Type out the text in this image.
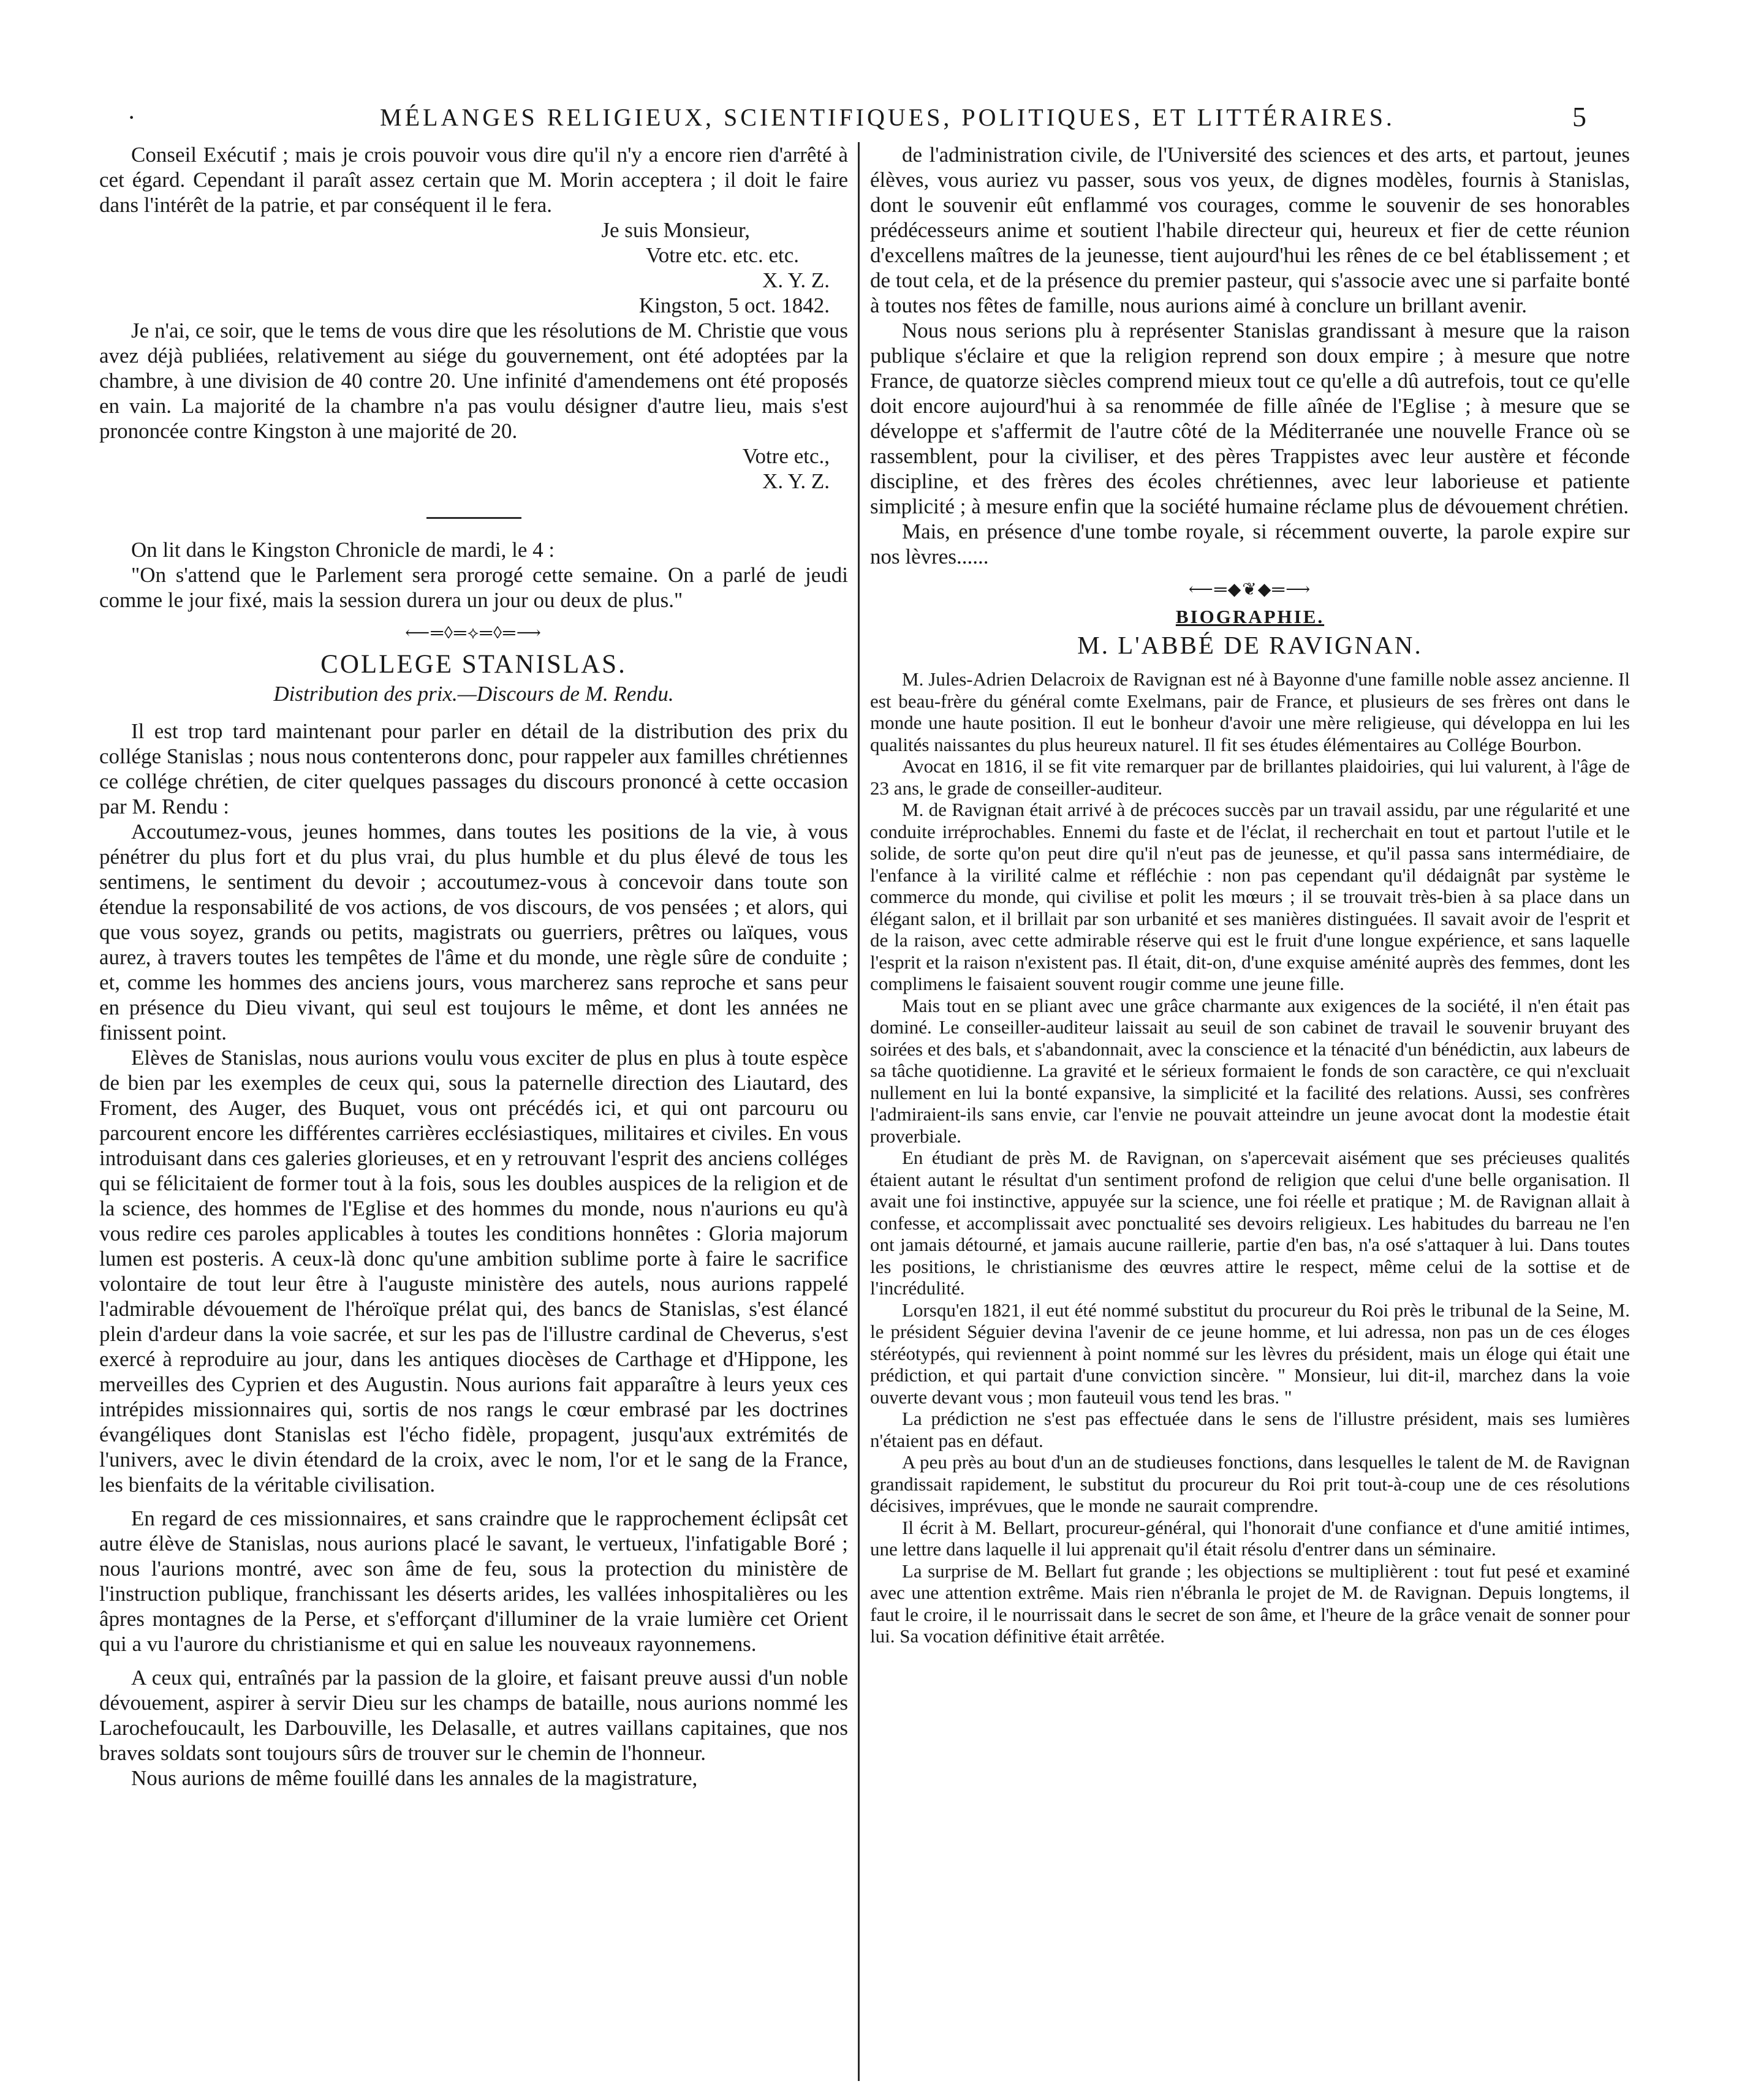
·	MÉLANGES RELIGIEUX, SCIENTIFIQUES, POLITIQUES, ET LITTÉRAIRES.	5

Conseil Exécutif ; mais je crois pouvoir vous dire qu'il n'y a encore rien d'arrêté à cet égard. Cependant il paraît assez certain que M. Morin acceptera ; il doit le faire dans l'intérêt de la patrie, et par conséquent il le fera.

Je suis Monsieur,
Votre etc. etc. etc.
X. Y. Z.
Kingston, 5 oct. 1842.

Je n'ai, ce soir, que le tems de vous dire que les résolutions de M. Christie que vous avez déjà publiées, relativement au siége du gouvernement, ont été adoptées par la chambre, à une division de 40 contre 20. Une infinité d'amendemens ont été proposés en vain. La majorité de la chambre n'a pas voulu désigner d'autre lieu, mais s'est prononcée contre Kingston à une majorité de 20.

Votre etc.,
X. Y. Z.

On lit dans le Kingston Chronicle de mardi, le 4 :

"On s'attend que le Parlement sera prorogé cette semaine. On a parlé de jeudi comme le jour fixé, mais la session durera un jour ou deux de plus."

⟵═◊═⟡═◊═⟶
COLLEGE STANISLAS.
Distribution des prix.—Discours de M. Rendu.

Il est trop tard maintenant pour parler en détail de la distribution des prix du collége Stanislas ; nous nous contenterons donc, pour rappeler aux familles chrétiennes ce collége chrétien, de citer quelques passages du discours prononcé à cette occasion par M. Rendu :

Accoutumez-vous, jeunes hommes, dans toutes les positions de la vie, à vous pénétrer du plus fort et du plus vrai, du plus humble et du plus élevé de tous les sentimens, le sentiment du devoir ; accoutumez-vous à concevoir dans toute son étendue la responsabilité de vos actions, de vos discours, de vos pensées ; et alors, qui que vous soyez, grands ou petits, magistrats ou guerriers, prêtres ou laïques, vous aurez, à travers toutes les tempêtes de l'âme et du monde, une règle sûre de conduite ; et, comme les hommes des anciens jours, vous marcherez sans reproche et sans peur en présence du Dieu vivant, qui seul est toujours le même, et dont les années ne finissent point.

Elèves de Stanislas, nous aurions voulu vous exciter de plus en plus à toute espèce de bien par les exemples de ceux qui, sous la paternelle direction des Liautard, des Froment, des Auger, des Buquet, vous ont précédés ici, et qui ont parcouru ou parcourent encore les différentes carrières ecclésiastiques, militaires et civiles. En vous introduisant dans ces galeries glorieuses, et en y retrouvant l'esprit des anciens colléges qui se félicitaient de former tout à la fois, sous les doubles auspices de la religion et de la science, des hommes de l'Eglise et des hommes du monde, nous n'aurions eu qu'à vous redire ces paroles applicables à toutes les conditions honnêtes : Gloria majorum lumen est posteris. A ceux-là donc qu'une ambition sublime porte à faire le sacrifice volontaire de tout leur être à l'auguste ministère des autels, nous aurions rappelé l'admirable dévouement de l'héroïque prélat qui, des bancs de Stanislas, s'est élancé plein d'ardeur dans la voie sacrée, et sur les pas de l'illustre cardinal de Cheverus, s'est exercé à reproduire au jour, dans les antiques diocèses de Carthage et d'Hippone, les merveilles des Cyprien et des Augustin. Nous aurions fait apparaître à leurs yeux ces intrépides missionnaires qui, sortis de nos rangs le cœur embrasé par les doctrines évangéliques dont Stanislas est l'écho fidèle, propagent, jusqu'aux extrémités de l'univers, avec le divin étendard de la croix, avec le nom, l'or et le sang de la France, les bienfaits de la véritable civilisation.

En regard de ces missionnaires, et sans craindre que le rapprochement éclipsât cet autre élève de Stanislas, nous aurions placé le savant, le vertueux, l'infatigable Boré ; nous l'aurions montré, avec son âme de feu, sous la protection du ministère de l'instruction publique, franchissant les déserts arides, les vallées inhospitalières ou les âpres montagnes de la Perse, et s'efforçant d'illuminer de la vraie lumière cet Orient qui a vu l'aurore du christianisme et qui en salue les nouveaux rayonnemens.

A ceux qui, entraînés par la passion de la gloire, et faisant preuve aussi d'un noble dévouement, aspirer à servir Dieu sur les champs de bataille, nous aurions nommé les Larochefoucault, les Darbouville, les Delasalle, et autres vaillans capitaines, que nos braves soldats sont toujours sûrs de trouver sur le chemin de l'honneur.

Nous aurions de même fouillé dans les annales de la magistrature,

de l'administration civile, de l'Université des sciences et des arts, et partout, jeunes élèves, vous auriez vu passer, sous vos yeux, de dignes modèles, fournis à Stanislas, dont le souvenir eût enflammé vos courages, comme le souvenir de ses honorables prédécesseurs anime et soutient l'habile directeur qui, heureux et fier de cette réunion d'excellens maîtres de la jeunesse, tient aujourd'hui les rênes de ce bel établissement ; et de tout cela, et de la présence du premier pasteur, qui s'associe avec une si parfaite bonté à toutes nos fêtes de famille, nous aurions aimé à conclure un brillant avenir.

Nous nous serions plu à représenter Stanislas grandissant à mesure que la raison publique s'éclaire et que la religion reprend son doux empire ; à mesure que notre France, de quatorze siècles comprend mieux tout ce qu'elle a dû autrefois, tout ce qu'elle doit encore aujourd'hui à sa renommée de fille aînée de l'Eglise ; à mesure que se développe et s'affermit de l'autre côté de la Méditerranée une nouvelle France où se rassemblent, pour la civiliser, et des pères Trappistes avec leur austère et féconde discipline, et des frères des écoles chrétiennes, avec leur laborieuse et patiente simplicité ; à mesure enfin que la société humaine réclame plus de dévouement chrétien.

Mais, en présence d'une tombe royale, si récemment ouverte, la parole expire sur nos lèvres......

⟵═◆❦◆═⟶
BIOGRAPHIE.
M. L'ABBÉ DE RAVIGNAN.

M. Jules-Adrien Delacroix de Ravignan est né à Bayonne d'une famille noble assez ancienne. Il est beau-frère du général comte Exelmans, pair de France, et plusieurs de ses frères ont dans le monde une haute position. Il eut le bonheur d'avoir une mère religieuse, qui développa en lui les qualités naissantes du plus heureux naturel. Il fit ses études élémentaires au Collége Bourbon.

Avocat en 1816, il se fit vite remarquer par de brillantes plaidoiries, qui lui valurent, à l'âge de 23 ans, le grade de conseiller-auditeur.

M. de Ravignan était arrivé à de précoces succès par un travail assidu, par une régularité et une conduite irréprochables. Ennemi du faste et de l'éclat, il recherchait en tout et partout l'utile et le solide, de sorte qu'on peut dire qu'il n'eut pas de jeunesse, et qu'il passa sans intermédiaire, de l'enfance à la virilité calme et réfléchie : non pas cependant qu'il dédaignât par système le commerce du monde, qui civilise et polit les mœurs ; il se trouvait très-bien à sa place dans un élégant salon, et il brillait par son urbanité et ses manières distinguées. Il savait avoir de l'esprit et de la raison, avec cette admirable réserve qui est le fruit d'une longue expérience, et sans laquelle l'esprit et la raison n'existent pas. Il était, dit-on, d'une exquise aménité auprès des femmes, dont les complimens le faisaient souvent rougir comme une jeune fille.

Mais tout en se pliant avec une grâce charmante aux exigences de la société, il n'en était pas dominé. Le conseiller-auditeur laissait au seuil de son cabinet de travail le souvenir bruyant des soirées et des bals, et s'abandonnait, avec la conscience et la ténacité d'un bénédictin, aux labeurs de sa tâche quotidienne. La gravité et le sérieux formaient le fonds de son caractère, ce qui n'excluait nullement en lui la bonté expansive, la simplicité et la facilité des relations. Aussi, ses confrères l'admiraient-ils sans envie, car l'envie ne pouvait atteindre un jeune avocat dont la modestie était proverbiale.

En étudiant de près M. de Ravignan, on s'apercevait aisément que ses précieuses qualités étaient autant le résultat d'un sentiment profond de religion que celui d'une belle organisation. Il avait une foi instinctive, appuyée sur la science, une foi réelle et pratique ; M. de Ravignan allait à confesse, et accomplissait avec ponctualité ses devoirs religieux. Les habitudes du barreau ne l'en ont jamais détourné, et jamais aucune raillerie, partie d'en bas, n'a osé s'attaquer à lui. Dans toutes les positions, le christianisme des œuvres attire le respect, même celui de la sottise et de l'incrédulité.

Lorsqu'en 1821, il eut été nommé substitut du procureur du Roi près le tribunal de la Seine, M. le président Séguier devina l'avenir de ce jeune homme, et lui adressa, non pas un de ces éloges stéréotypés, qui reviennent à point nommé sur les lèvres du président, mais un éloge qui était une prédiction, et qui partait d'une conviction sincère. " Monsieur, lui dit-il, marchez dans la voie ouverte devant vous ; mon fauteuil vous tend les bras. "

La prédiction ne s'est pas effectuée dans le sens de l'illustre président, mais ses lumières n'étaient pas en défaut.

A peu près au bout d'un an de studieuses fonctions, dans lesquelles le talent de M. de Ravignan grandissait rapidement, le substitut du procureur du Roi prit tout-à-coup une de ces résolutions décisives, imprévues, que le monde ne saurait comprendre.

Il écrit à M. Bellart, procureur-général, qui l'honorait d'une confiance et d'une amitié intimes, une lettre dans laquelle il lui apprenait qu'il était résolu d'entrer dans un séminaire.

La surprise de M. Bellart fut grande ; les objections se multiplièrent : tout fut pesé et examiné avec une attention extrême. Mais rien n'ébranla le projet de M. de Ravignan. Depuis longtems, il faut le croire, il le nourrissait dans le secret de son âme, et l'heure de la grâce venait de sonner pour lui. Sa vocation définitive était arrêtée.
